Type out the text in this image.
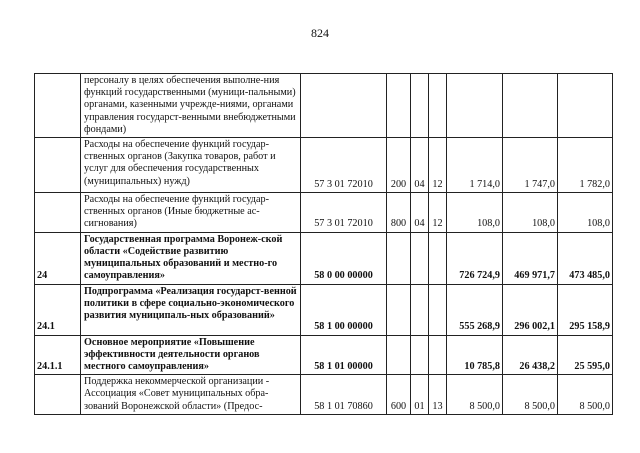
824
	персоналу в целях обеспечения выполне-ния функций государственными (муници-пальными) органами, казенными учрежде-ниями, органами управления государст-венными внебюджетными фондами)							
	Расходы на обеспечение функций государ-ственных органов (Закупка товаров, работ и услуг для обеспечения государственных (муниципальных) нужд)	57 3 01 72010	200	04	12	1 714,0	1 747,0	1 782,0
	Расходы на обеспечение функций государ-ственных органов (Иные бюджетные ас-сигнования)	57 3 01 72010	800	04	12	108,0	108,0	108,0
24	Государственная программа Воронеж-ской области «Содействие развитию муниципальных образований и местно-го самоуправления»	58 0 00 00000				726 724,9	469 971,7	473 485,0
24.1	Подпрограмма «Реализация государст-венной политики в сфере социально-экономического развития муниципаль-ных образований»	58 1 00 00000				555 268,9	296 002,1	295 158,9
24.1.1	Основное мероприятие «Повышение эффективности деятельности органов местного самоуправления»	58 1 01 00000				10 785,8	26 438,2	25 595,0
	Поддержка некоммерческой организации - Ассоциация «Совет муниципальных обра-зований Воронежской области» (Предос-	58 1 01 70860	600	01	13	8 500,0	8 500,0	8 500,0
